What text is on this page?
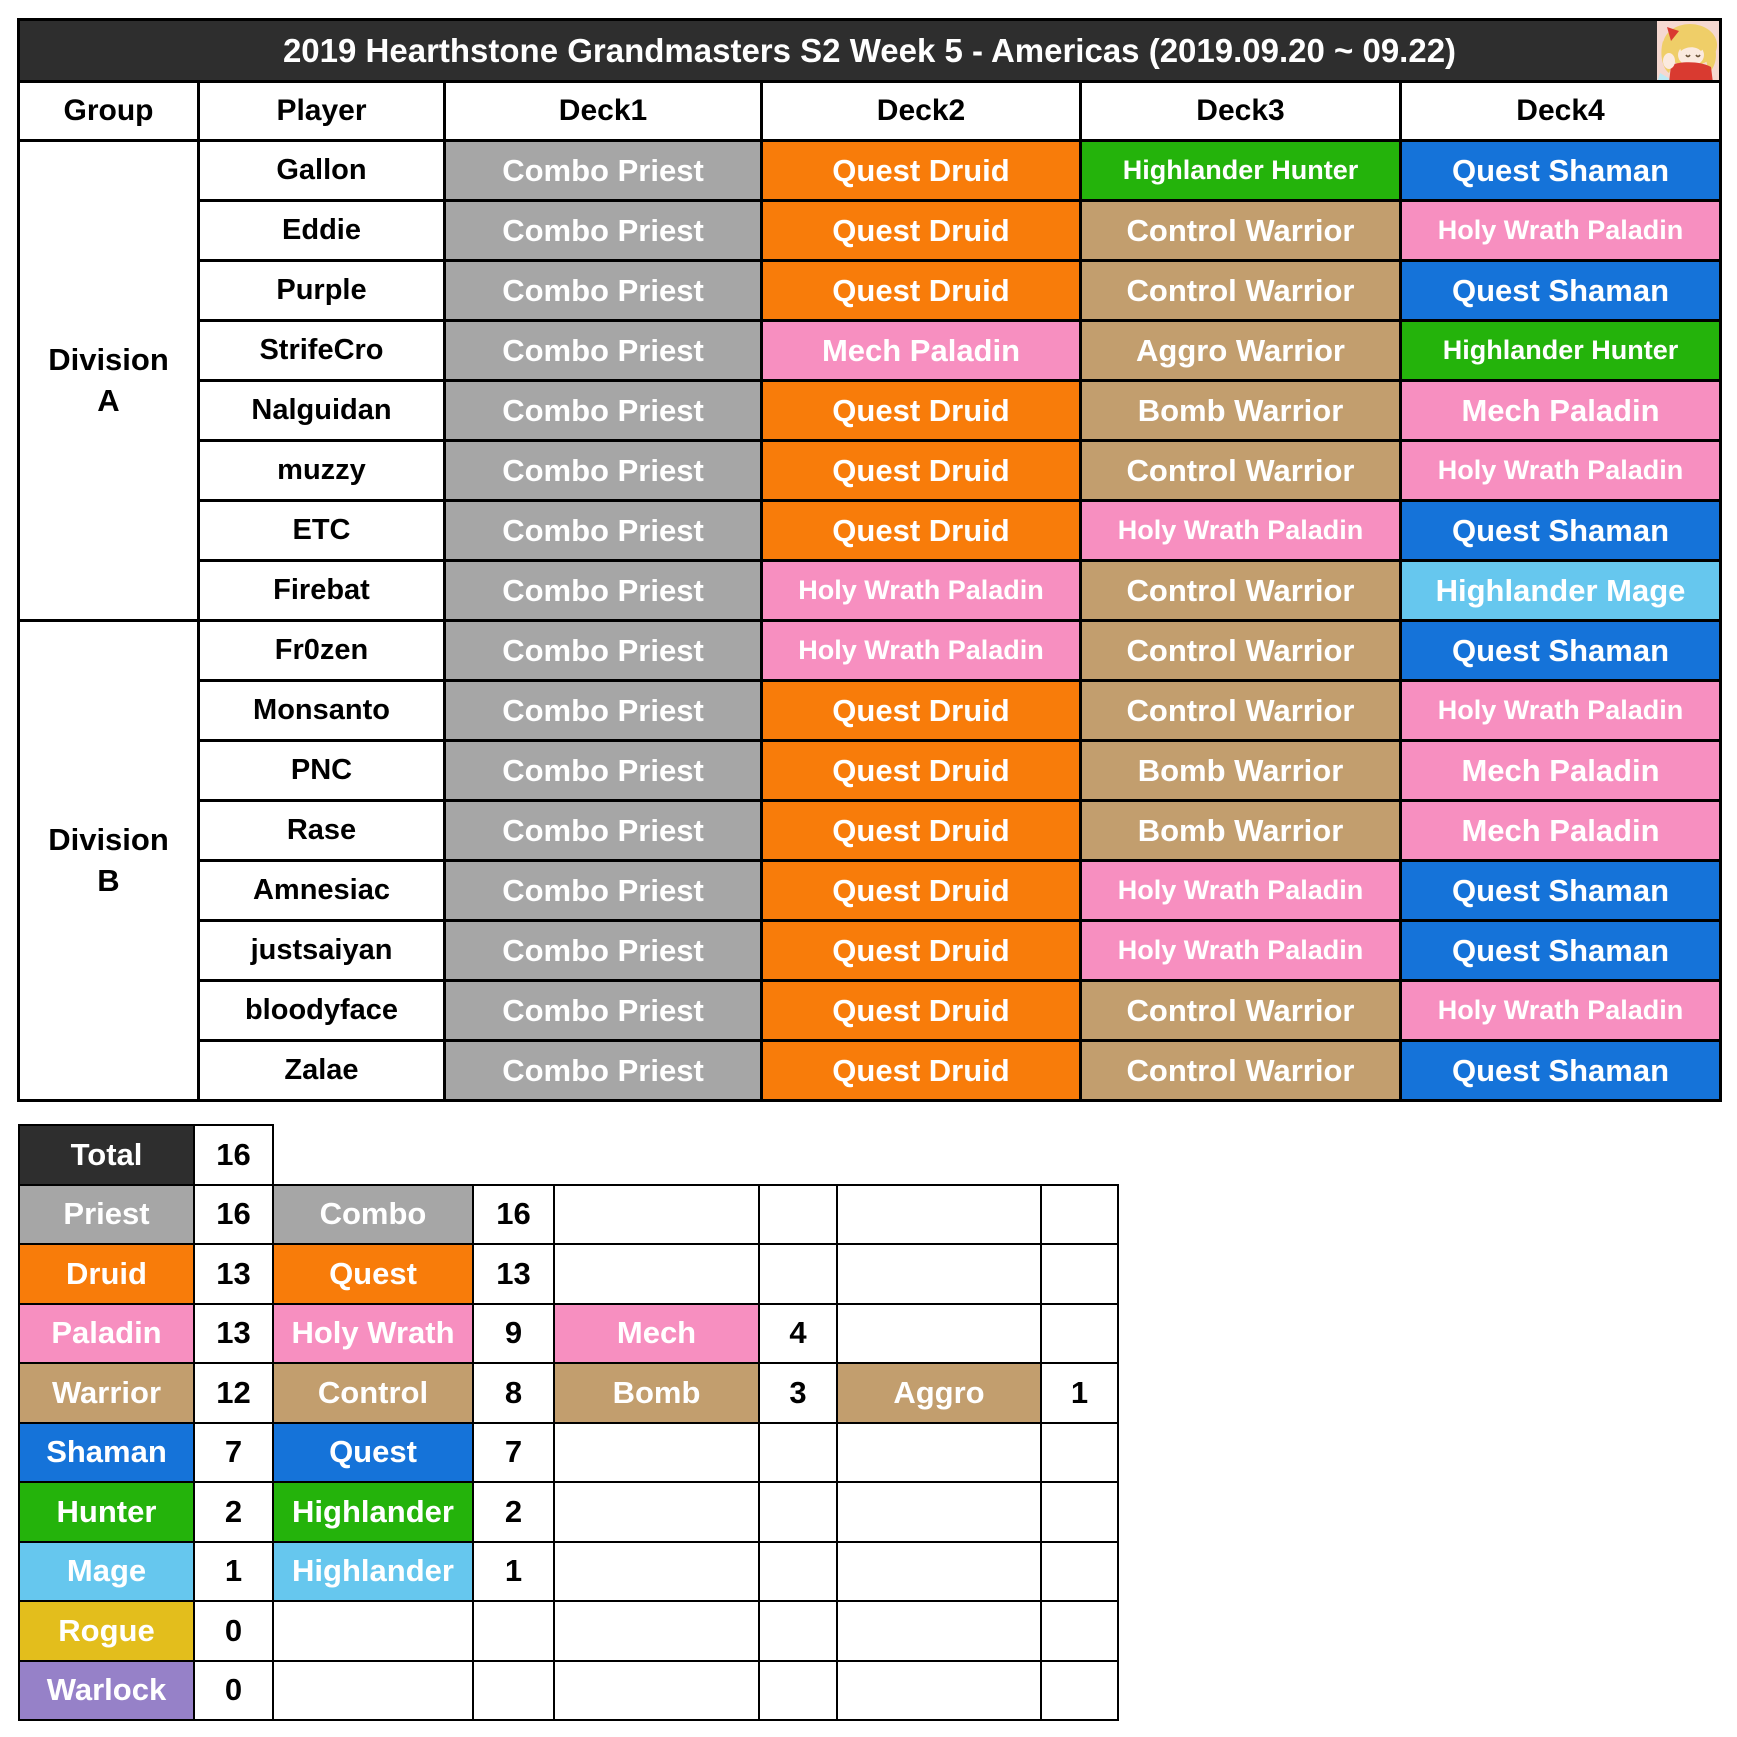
2019 Hearthstone Grandmasters S2 Week 5 - Americas (2019.09.20 ~ 09.22)					

Group	Player	Deck1	Deck2	Deck3	Deck4

Division
A	Gallon	Combo Priest	Quest Druid	Highlander Hunter	Quest Shaman
	Eddie	Combo Priest	Quest Druid	Control Warrior	Holy Wrath Paladin
	Purple	Combo Priest	Quest Druid	Control Warrior	Quest Shaman
	StrifeCro	Combo Priest	Mech Paladin	Aggro Warrior	Highlander Hunter
	Nalguidan	Combo Priest	Quest Druid	Bomb Warrior	Mech Paladin
	muzzy	Combo Priest	Quest Druid	Control Warrior	Holy Wrath Paladin
	ETC	Combo Priest	Quest Druid	Holy Wrath Paladin	Quest Shaman
	Firebat	Combo Priest	Holy Wrath Paladin	Control Warrior	Highlander Mage

Division
B	Fr0zen	Combo Priest	Holy Wrath Paladin	Control Warrior	Quest Shaman
	Monsanto	Combo Priest	Quest Druid	Control Warrior	Holy Wrath Paladin
	PNC	Combo Priest	Quest Druid	Bomb Warrior	Mech Paladin
	Rase	Combo Priest	Quest Druid	Bomb Warrior	Mech Paladin
	Amnesiac	Combo Priest	Quest Druid	Holy Wrath Paladin	Quest Shaman
	justsaiyan	Combo Priest	Quest Druid	Holy Wrath Paladin	Quest Shaman
	bloodyface	Combo Priest	Quest Druid	Control Warrior	Holy Wrath Paladin
	Zalae	Combo Priest	Quest Druid	Control Warrior	Quest Shaman
Total	16						
Priest	16	Combo	16				
Druid	13	Quest	13				
Paladin	13	Holy Wrath	9	Mech	4		
Warrior	12	Control	8	Bomb	3	Aggro	1
Shaman	7	Quest	7				
Hunter	2	Highlander	2				
Mage	1	Highlander	1				
Rogue	0						
Warlock	0						
